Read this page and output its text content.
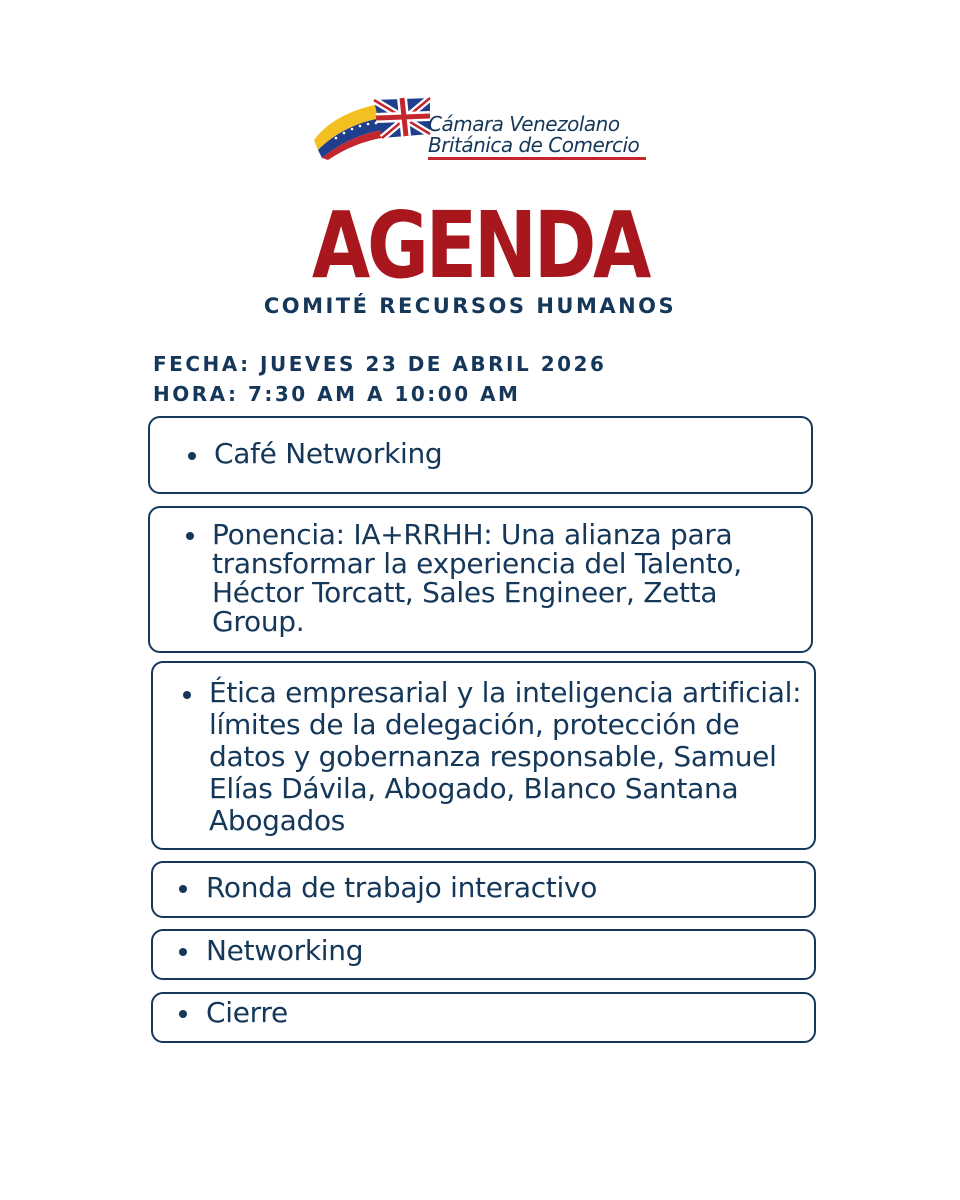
Cámara Venezolano
Británica de Comercio
AGENDA
COMITÉ RECURSOS HUMANOS
FECHA: JUEVES 23 DE ABRIL 2026
HORA: 7:30 AM A 10:00 AM
Café Networking
Ponencia: IA+RRHH: Una alianza para transformar la experiencia del Talento, Héctor Torcatt, Sales Engineer, Zetta Group.
Ética empresarial y la inteligencia artificial: límites de la delegación, protección de datos y gobernanza responsable, Samuel Elías Dávila, Abogado, Blanco Santana Abogados
Ronda de trabajo interactivo
Networking
Cierre
